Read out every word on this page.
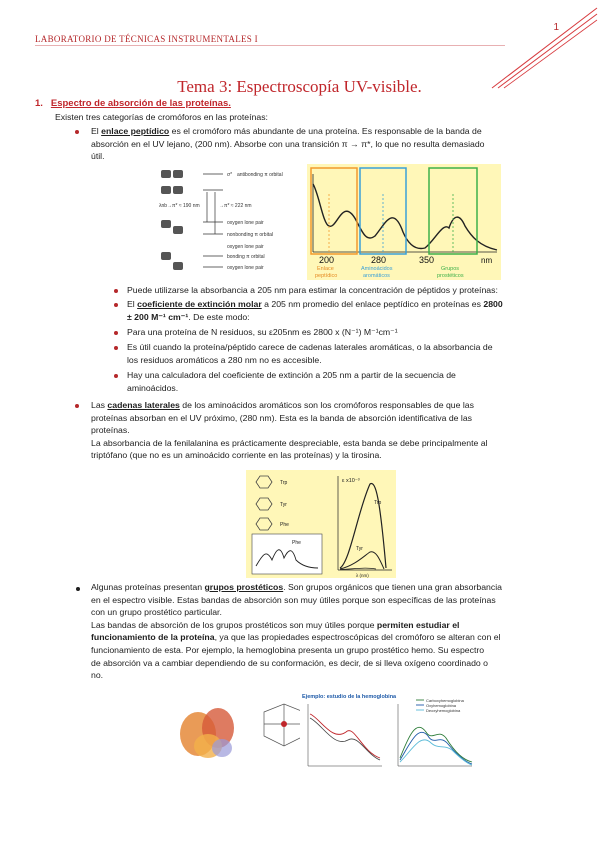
LABORATORIO DE TÉCNICAS INSTRUMENTALES I
1
Tema 3: Espectroscopía UV-visible.
1. Espectro de absorción de las proteínas.
Existen tres categorías de cromóforos en las proteínas:
El enlace peptídico es el cromóforo más abundante de una proteína. Es responsable de la banda de
absorción en el UV lejano, (200 nm). Absorbe con una transición π → π*, lo que no resulta demasiado
útil.
σ* antibonding π orbital
λnb→π* ≈ 190 nm	→π* ≈ 222 nm
oxygen lone pair
nonbonding π orbital
oxygen lone pair
bonding π orbital
oxygen lone pair
200	280	350	nm
Enlace
peptídico
Aminoácidos
aromáticos
Grupos
prostéticos
Puede utilizarse la absorbancia a 205 nm para estimar la concentración de péptidos y proteínas:
El coeficiente de extinción molar a 205 nm promedio del enlace peptídico en proteínas es 2800
± 200 M⁻¹ cm⁻¹. De este modo:
Para una proteína de N residuos, su ε205nm es 2800 x (N⁻¹) M⁻¹cm⁻¹
Es útil cuando la proteína/péptido carece de cadenas laterales aromáticas, o la absorbancia de
los residuos aromáticos a 280 nm no es accesible.
Hay una calculadora del coeficiente de extinción a 205 nm a partir de la secuencia de
aminoácidos.
Las cadenas laterales de los aminoácidos aromáticos son los cromóforos responsables de que las
proteínas absorban en el UV próximo, (280 nm). Esta es la banda de absorción identificativa de las
proteínas.
La absorbancia de la fenilalanina es prácticamente despreciable, esta banda se debe principalmente al
triptófano (que no es un aminoácido corriente en las proteínas) y la tirosina.
Trp
Tyr
Phe
ε x10⁻³
Trp
Tyr
Phe
λ (nm)
Algunas proteínas presentan grupos prostéticos. Son grupos orgánicos que tienen una gran absorbancia
en el espectro visible. Estas bandas de absorción son muy útiles porque son específicas de las proteínas
con un grupo prostético particular.
Las bandas de absorción de los grupos prostéticos son muy útiles porque permiten estudiar el
funcionamiento de la proteína, ya que las propiedades espectroscópicas del cromóforo se alteran con el
funcionamiento de esta. Por ejemplo, la hemoglobina presenta un grupo prostético hemo. Su espectro
de absorción va a cambiar dependiendo de su conformación, es decir, de si lleva oxígeno coordinado o
no.
Ejemplo: estudio de la hemoglobina
Carboxyhemoglobina
Oxyhemoglobina
Deoxyhemoglobina
